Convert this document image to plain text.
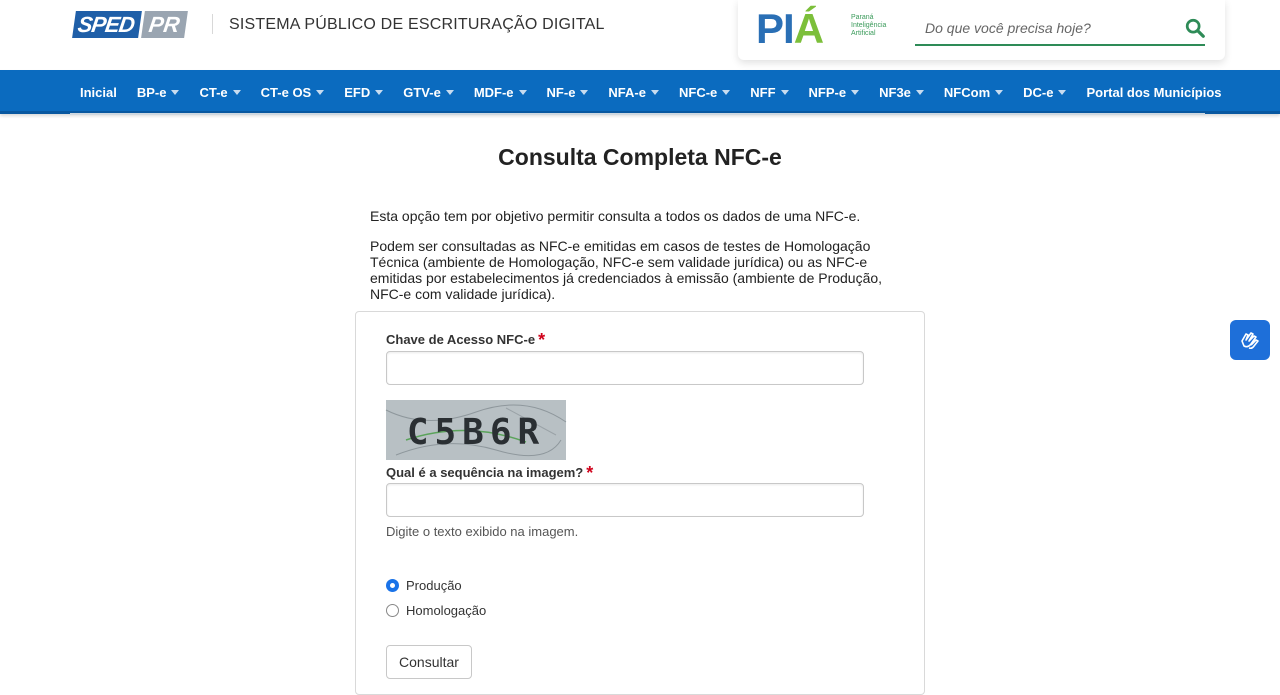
SPED PR	SISTEMA PÚBLICO DE ESCRITURAÇÃO DIGITAL	PIÁ	Paraná
Inteligência
Artificial
Do que você precisa hoje?
Inicial BP-e	CT-e	CT-e OS	EFD	GTV-e	MDF-e	NF-e	NFA-e	NFC-e	NFF	NFP-e	NF3e	NFCom	DC-e	Portal dos Municípios
Consulta Completa NFC-e

Esta opção tem por objetivo permitir consulta a todos os dados de uma NFC-e.

Podem ser consultadas as NFC-e emitidas em casos de testes de Homologação Técnica (ambiente de Homologação, NFC-e sem validade jurídica) ou as NFC-e emitidas por estabelecimentos já credenciados à emissão (ambiente de Produção, NFC-e com validade jurídica).

Chave de Acesso NFC-e *
C5B6R
Qual é a sequência na imagem? *
Digite o texto exibido na imagem.
Produção
Homologação
Consultar
